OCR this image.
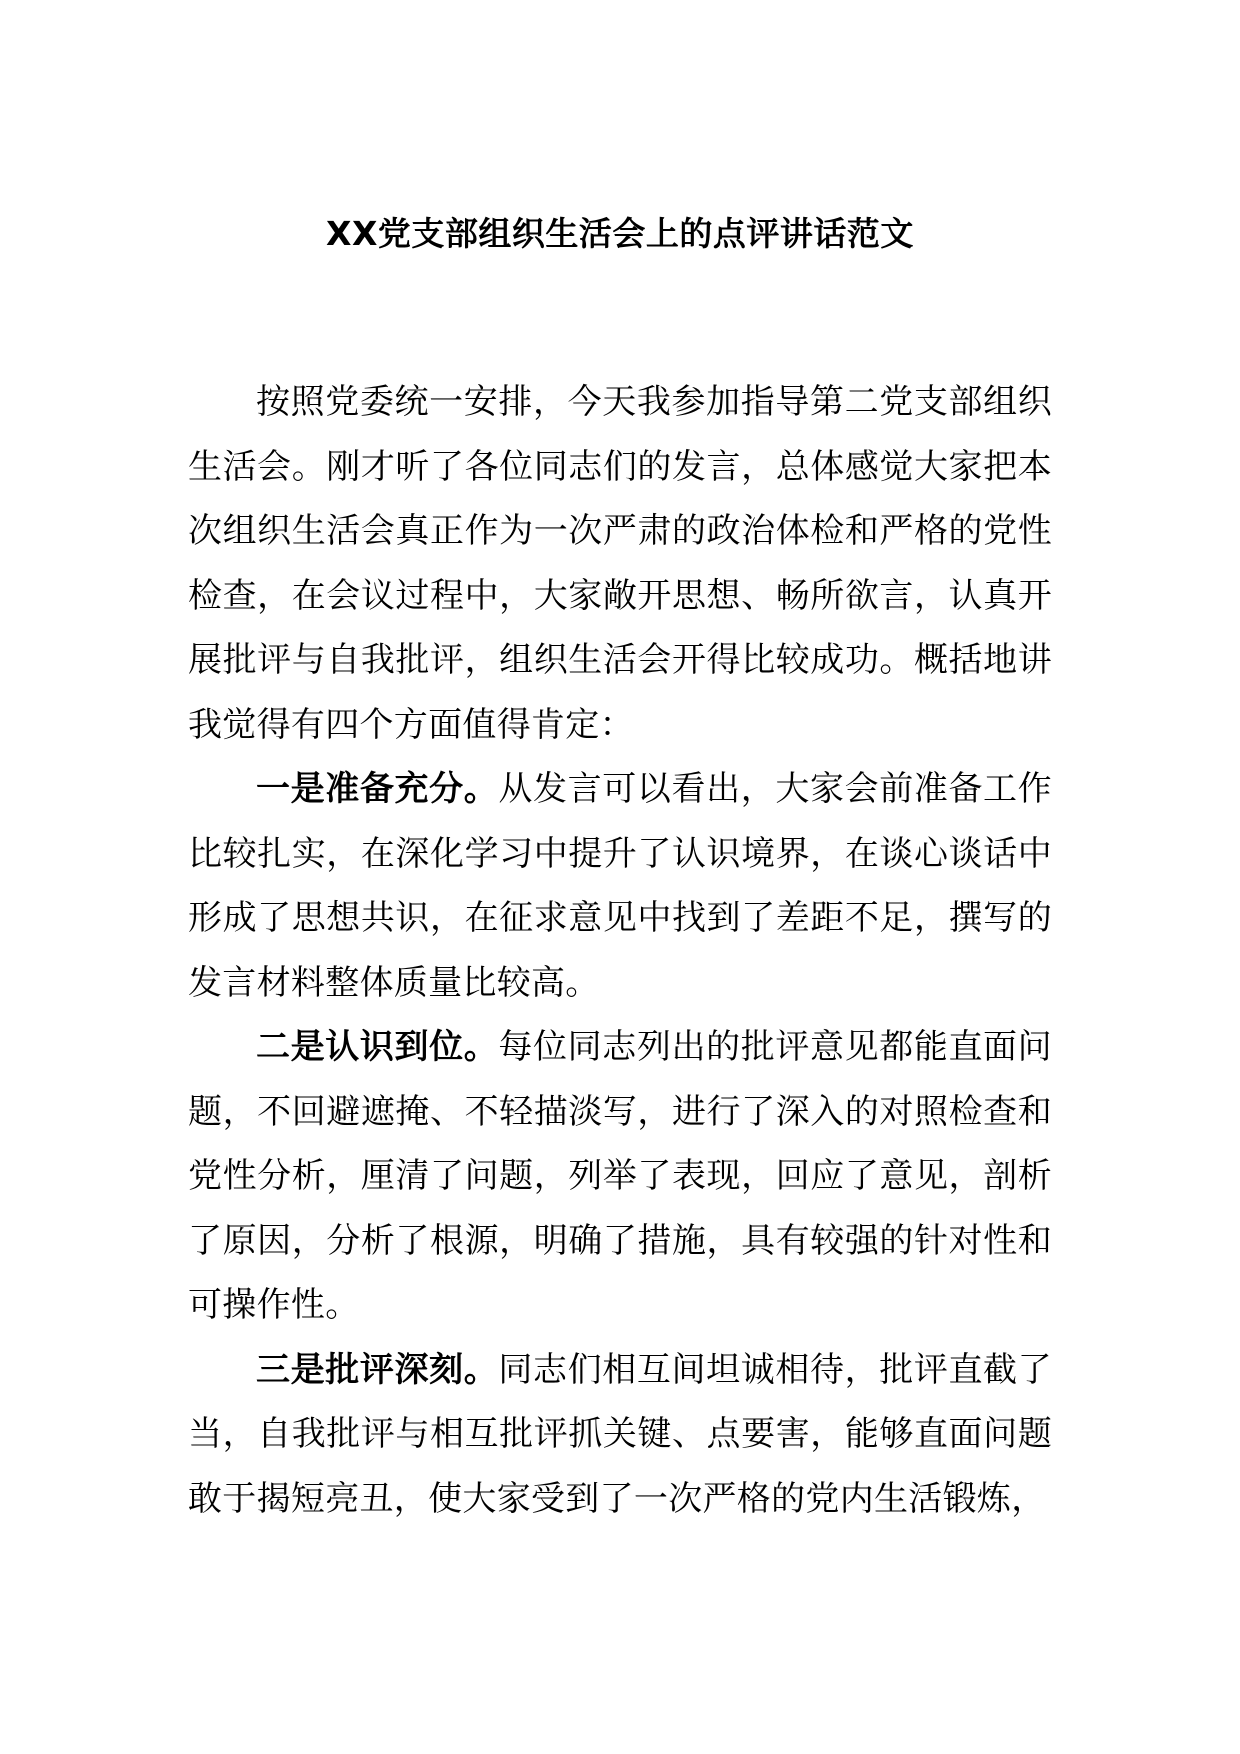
XX党支部组织生活会上的点评讲话范文

按照党委统一安排，今天我参加指导第二党支部组织生活会。刚才听了各位同志们的发言，总体感觉大家把本次组织生活会真正作为一次严肃的政治体检和严格的党性检查，在会议过程中，大家敞开思想、畅所欲言，认真开展批评与自我批评，组织生活会开得比较成功。概括地讲我觉得有四个方面值得肯定：

一是准备充分。从发言可以看出，大家会前准备工作比较扎实，在深化学习中提升了认识境界，在谈心谈话中形成了思想共识，在征求意见中找到了差距不足，撰写的发言材料整体质量比较高。

二是认识到位。每位同志列出的批评意见都能直面问题，不回避遮掩、不轻描淡写，进行了深入的对照检查和党性分析，厘清了问题，列举了表现，回应了意见，剖析了原因，分析了根源，明确了措施，具有较强的针对性和可操作性。

三是批评深刻。同志们相互间坦诚相待，批评直截了当，自我批评与相互批评抓关键、点要害，能够直面问题敢于揭短亮丑，使大家受到了一次严格的党内生活锻炼，
